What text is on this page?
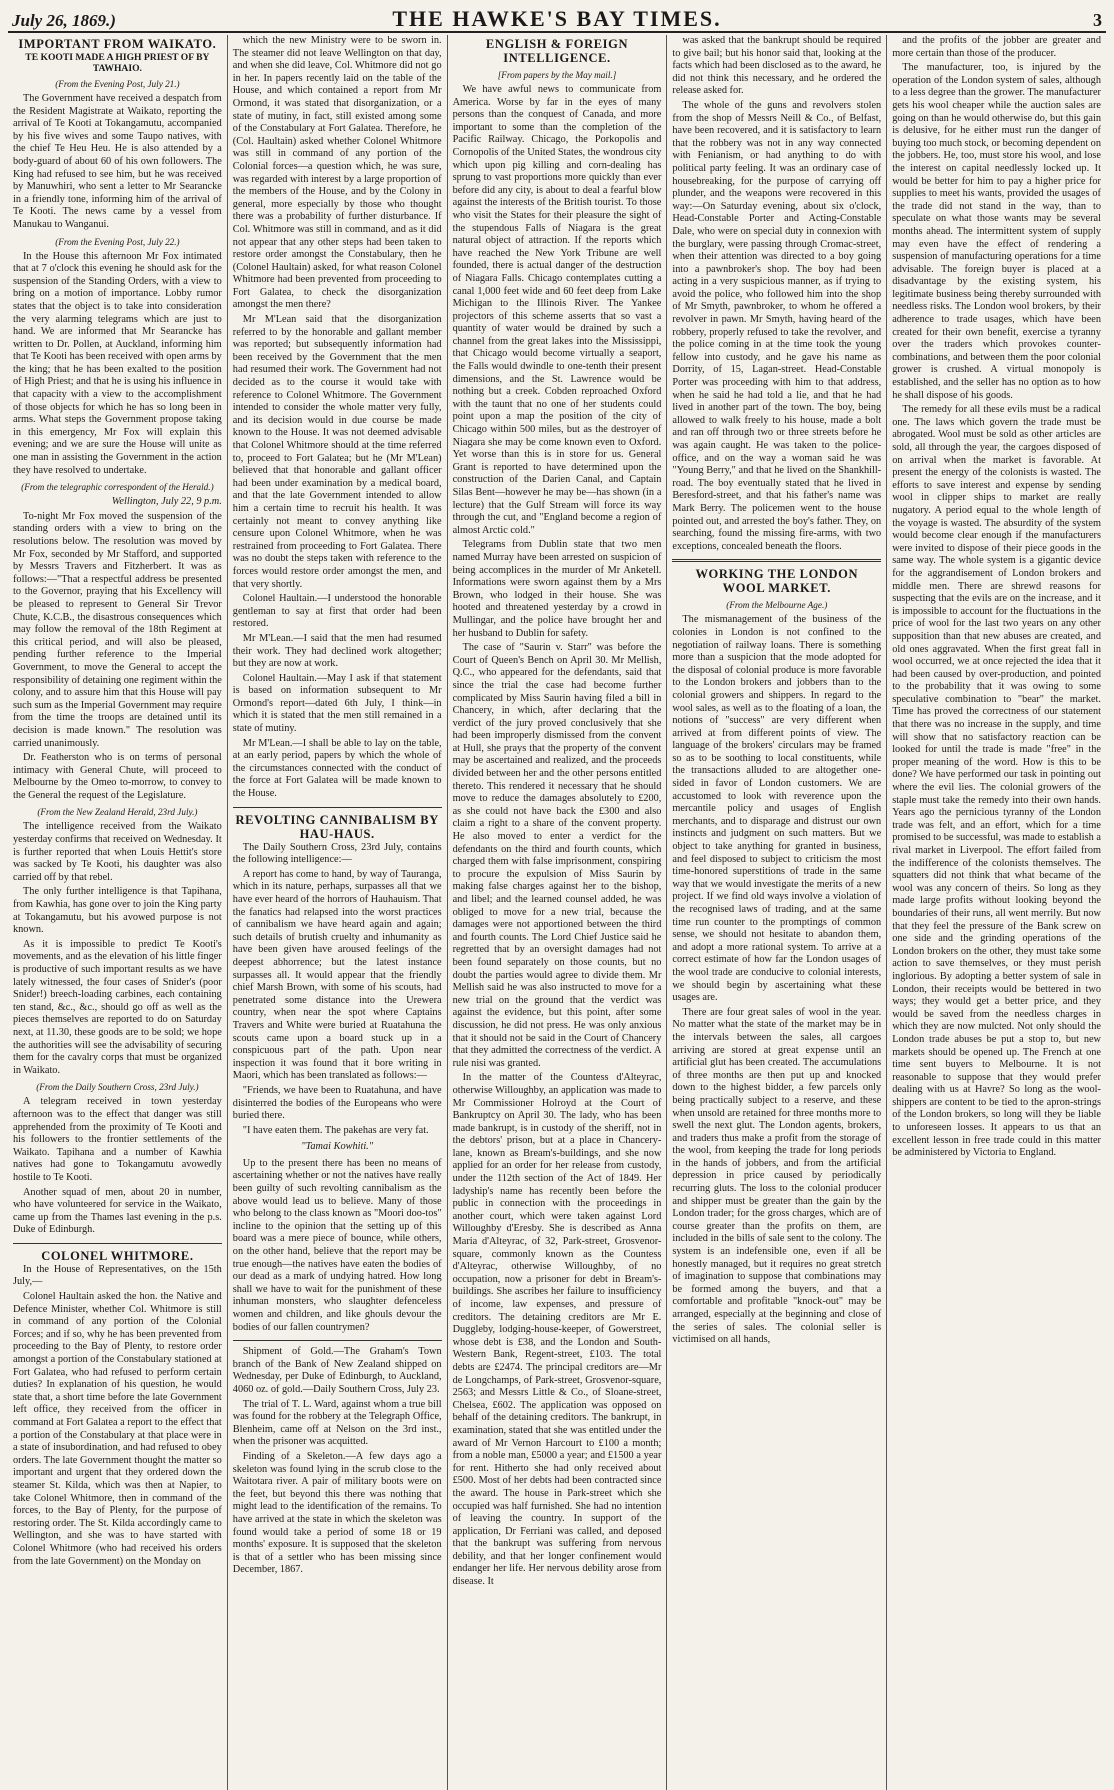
July 26, 1869.)	THE HAWKE'S BAY TIMES.	3
IMPORTANT FROM WAIKATO.
TE KOOTI MADE A HIGH PRIEST OF BY TAWHAIO.
(From the Evening Post, July 21.)

The Government have received a despatch from the Resident Magistrate at Waikato, reporting the arrival of Te Kooti at Tokangamutu, accompanied by his five wives and some Taupo natives, with the chief Te Heu Heu. He is also attended by a body-guard of about 60 of his own followers. The King had refused to see him, but he was received by Manuwhiri, who sent a letter to Mr Searancke in a friendly tone, informing him of the arrival of Te Kooti. The news came by a vessel from Manukau to Wanganui.

(From the Evening Post, July 22.)

In the House this afternoon Mr Fox intimated that at 7 o'clock this evening he should ask for the suspension of the Standing Orders, with a view to bring on a motion of importance. Lobby rumor states that the object is to take into consideration the very alarming telegrams which are just to hand. We are informed that Mr Searancke has written to Dr. Pollen, at Auckland, informing him that Te Kooti has been received with open arms by the king; that he has been exalted to the position of High Priest; and that he is using his influence in that capacity with a view to the accomplishment of those objects for which he has so long been in arms. What steps the Government propose taking in this emergency, Mr Fox will explain this evening; and we are sure the House will unite as one man in assisting the Government in the action they have resolved to undertake.

(From the telegraphic correspondent of the Herald.)
Wellington, July 22, 9 p.m.

To-night Mr Fox moved the suspension of the standing orders with a view to bring on the resolutions below. The resolution was moved by Mr Fox, seconded by Mr Stafford, and supported by Messrs Travers and Fitzherbert. It was as follows:—"That a respectful address be presented to the Governor, praying that his Excellency will be pleased to represent to General Sir Trevor Chute, K.C.B., the disastrous consequences which may follow the removal of the 18th Regiment at this critical period, and will also be pleased, pending further reference to the Imperial Government, to move the General to accept the responsibility of detaining one regiment within the colony, and to assure him that this House will pay such sum as the Imperial Government may require from the time the troops are detained until its decision is made known." The resolution was carried unanimously.

Dr. Featherston who is on terms of personal intimacy with General Chute, will proceed to Melbourne by the Omeo to-morrow, to convey to the General the request of the Legislature.

(From the New Zealand Herald, 23rd July.)

The intelligence received from the Waikato yesterday confirms that received on Wednesday. It is further reported that when Louis Hettit's store was sacked by Te Kooti, his daughter was also carried off by that rebel.

The only further intelligence is that Tapihana, from Kawhia, has gone over to join the King party at Tokangamutu, but his avowed purpose is not known.

As it is impossible to predict Te Kooti's movements, and as the elevation of his little finger is productive of such important results as we have lately witnessed, the four cases of Snider's (poor Snider!) breech-loading carbines, each containing ten stand, &c., &c., should go off as well as the pieces themselves are reported to do on Saturday next, at 11.30, these goods are to be sold; we hope the authorities will see the advisability of securing them for the cavalry corps that must be organized in Waikato.

(From the Daily Southern Cross, 23rd July.)

A telegram received in town yesterday afternoon was to the effect that danger was still apprehended from the proximity of Te Kooti and his followers to the frontier settlements of the Waikato. Tapihana and a number of Kawhia natives had gone to Tokangamutu avowedly hostile to Te Kooti.

Another squad of men, about 20 in number, who have volunteered for service in the Waikato, came up from the Thames last evening in the p.s. Duke of Edinburgh.

COLONEL WHITMORE.

In the House of Representatives, on the 15th July,—

Colonel Haultain asked the hon. the Native and Defence Minister, whether Col. Whitmore is still in command of any portion of the Colonial Forces; and if so, why he has been prevented from proceeding to the Bay of Plenty, to restore order amongst a portion of the Constabulary stationed at Fort Galatea, who had refused to perform certain duties? In explanation of his question, he would state that, a short time before the late Government left office, they received from the officer in command at Fort Galatea a report to the effect that a portion of the Constabulary at that place were in a state of insubordination, and had refused to obey orders. The late Government thought the matter so important and urgent that they ordered down the steamer St. Kilda, which was then at Napier, to take Colonel Whitmore, then in command of the forces, to the Bay of Plenty, for the purpose of restoring order. The St. Kilda accordingly came to Wellington, and she was to have started with Colonel Whitmore (who had received his orders from the late Government) on the Monday on

which the new Ministry were to be sworn in. The steamer did not leave Wellington on that day, and when she did leave, Col. Whitmore did not go in her. In papers recently laid on the table of the House, and which contained a report from Mr Ormond, it was stated that disorganization, or a state of mutiny, in fact, still existed among some of the Constabulary at Fort Galatea. Therefore, he (Col. Haultain) asked whether Colonel Whitmore was still in command of any portion of the Colonial forces—a question which, he was sure, was regarded with interest by a large proportion of the members of the House, and by the Colony in general, more especially by those who thought there was a probability of further disturbance. If Col. Whitmore was still in command, and as it did not appear that any other steps had been taken to restore order amongst the Constabulary, then he (Colonel Haultain) asked, for what reason Colonel Whitmore had been prevented from proceeding to Fort Galatea, to check the disorganization amongst the men there?

Mr M'Lean said that the disorganization referred to by the honorable and gallant member was reported; but subsequently information had been received by the Government that the men had resumed their work. The Government had not decided as to the course it would take with reference to Colonel Whitmore. The Government intended to consider the whole matter very fully, and its decision would in due course be made known to the House. It was not deemed advisable that Colonel Whitmore should at the time referred to, proceed to Fort Galatea; but he (Mr M'Lean) believed that that honorable and gallant officer had been under examination by a medical board, and that the late Government intended to allow him a certain time to recruit his health. It was certainly not meant to convey anything like censure upon Colonel Whitmore, when he was restrained from proceeding to Fort Galatea. There was no doubt the steps taken with reference to the forces would restore order amongst the men, and that very shortly.

Colonel Haultain.—I understood the honorable gentleman to say at first that order had been restored.

Mr M'Lean.—I said that the men had resumed their work. They had declined work altogether; but they are now at work.

Colonel Haultain.—May I ask if that statement is based on information subsequent to Mr Ormond's report—dated 6th July, I think—in which it is stated that the men still remained in a state of mutiny.

Mr M'Lean.—I shall be able to lay on the table, at an early period, papers by which the whole of the circumstances connected with the conduct of the force at Fort Galatea will be made known to the House.

REVOLTING CANNIBALISM BY HAU-HAUS.

The Daily Southern Cross, 23rd July, contains the following intelligence:—

A report has come to hand, by way of Tauranga, which in its nature, perhaps, surpasses all that we have ever heard of the horrors of Hauhauism. That the fanatics had relapsed into the worst practices of cannibalism we have heard again and again; such details of brutish cruelty and inhumanity as have been given have aroused feelings of the deepest abhorrence; but the latest instance surpasses all. It would appear that the friendly chief Marsh Brown, with some of his scouts, had penetrated some distance into the Urewera country, when near the spot where Captains Travers and White were buried at Ruatahuna the scouts came upon a board stuck up in a conspicuous part of the path. Upon near inspection it was found that it bore writing in Maori, which has been translated as follows:—

"Friends, we have been to Ruatahuna, and have disinterred the bodies of the Europeans who were buried there.

"I have eaten them. The pakehas are very fat.

"Tamai Kowhiti."

Up to the present there has been no means of ascertaining whether or not the natives have really been guilty of such revolting cannibalism as the above would lead us to believe. Many of those who belong to the class known as "Moori doo-tos" incline to the opinion that the setting up of this board was a mere piece of bounce, while others, on the other hand, believe that the report may be true enough—the natives have eaten the bodies of our dead as a mark of undying hatred. How long shall we have to wait for the punishment of these inhuman monsters, who slaughter defenceless women and children, and like ghouls devour the bodies of our fallen countrymen?

Shipment of Gold.—The Graham's Town branch of the Bank of New Zealand shipped on Wednesday, per Duke of Edinburgh, to Auckland, 4060 oz. of gold.—Daily Southern Cross, July 23.

The trial of T. L. Ward, against whom a true bill was found for the robbery at the Telegraph Office, Blenheim, came off at Nelson on the 3rd inst., when the prisoner was acquitted.

Finding of a Skeleton.—A few days ago a skeleton was found lying in the scrub close to the Waitotara river. A pair of military boots were on the feet, but beyond this there was nothing that might lead to the identification of the remains. To have arrived at the state in which the skeleton was found would take a period of some 18 or 19 months' exposure. It is supposed that the skeleton is that of a settler who has been missing since December, 1867.

ENGLISH & FOREIGN INTELLIGENCE.
[From papers by the May mail.]

We have awful news to communicate from America. Worse by far in the eyes of many persons than the conquest of Canada, and more important to some than the completion of the Pacific Railway. Chicago, the Porkopolis and Cornopolis of the United States, the wondrous city which upon pig killing and corn-dealing has sprung to vast proportions more quickly than ever before did any city, is about to deal a fearful blow against the interests of the British tourist. To those who visit the States for their pleasure the sight of the stupendous Falls of Niagara is the great natural object of attraction. If the reports which have reached the New York Tribune are well founded, there is actual danger of the destruction of Niagara Falls. Chicago contemplates cutting a canal 1,000 feet wide and 60 feet deep from Lake Michigan to the Illinois River. The Yankee projectors of this scheme asserts that so vast a quantity of water would be drained by such a channel from the great lakes into the Mississippi, that Chicago would become virtually a seaport, the Falls would dwindle to one-tenth their present dimensions, and the St. Lawrence would be nothing but a creek. Cobden reproached Oxford with the taunt that no one of her students could point upon a map the position of the city of Chicago within 500 miles, but as the destroyer of Niagara she may be come known even to Oxford. Yet worse than this is in store for us. General Grant is reported to have determined upon the construction of the Darien Canal, and Captain Silas Bent—however he may be—has shown (in a lecture) that the Gulf Stream will force its way through the cut, and "England become a region of almost Arctic cold."

Telegrams from Dublin state that two men named Murray have been arrested on suspicion of being accomplices in the murder of Mr Anketell. Informations were sworn against them by a Mrs Brown, who lodged in their house. She was hooted and threatened yesterday by a crowd in Mullingar, and the police have brought her and her husband to Dublin for safety.

The case of "Saurin v. Starr" was before the Court of Queen's Bench on April 30. Mr Mellish, Q.C., who appeared for the defendants, said that since the trial the case had become further complicated by Miss Saurin having filed a bill in Chancery, in which, after declaring that the verdict of the jury proved conclusively that she had been improperly dismissed from the convent at Hull, she prays that the property of the convent may be ascertained and realized, and the proceeds divided between her and the other persons entitled thereto. This rendered it necessary that he should move to reduce the damages absolutely to £200, as she could not have back the £300 and also claim a right to a share of the convent property. He also moved to enter a verdict for the defendants on the third and fourth counts, which charged them with false imprisonment, conspiring to procure the expulsion of Miss Saurin by making false charges against her to the bishop, and libel; and the learned counsel added, he was obliged to move for a new trial, because the damages were not apportioned between the third and fourth counts. The Lord Chief Justice said he regretted that by an oversight damages had not been found separately on those counts, but no doubt the parties would agree to divide them. Mr Mellish said he was also instructed to move for a new trial on the ground that the verdict was against the evidence, but this point, after some discussion, he did not press. He was only anxious that it should not be said in the Court of Chancery that they admitted the correctness of the verdict. A rule nisi was granted.

In the matter of the Countess d'Alteyrac, otherwise Willoughby, an application was made to Mr Commissioner Holroyd at the Court of Bankruptcy on April 30. The lady, who has been made bankrupt, is in custody of the sheriff, not in the debtors' prison, but at a place in Chancery-lane, known as Bream's-buildings, and she now applied for an order for her release from custody, under the 112th section of the Act of 1849. Her ladyship's name has recently been before the public in connection with the proceedings in another court, which were taken against Lord Willoughby d'Eresby. She is described as Anna Maria d'Alteyrac, of 32, Park-street, Grosvenor-square, commonly known as the Countess d'Alteyrac, otherwise Willoughby, of no occupation, now a prisoner for debt in Bream's-buildings. She ascribes her failure to insufficiency of income, law expenses, and pressure of creditors. The detaining creditors are Mr E. Duggleby, lodging-house-keeper, of Gowerstreet, whose debt is £38, and the London and South-Western Bank, Regent-street, £103. The total debts are £2474. The principal creditors are—Mr de Longchamps, of Park-street, Grosvenor-square, 2563; and Messrs Little & Co., of Sloane-street, Chelsea, £602. The application was opposed on behalf of the detaining creditors. The bankrupt, in examination, stated that she was entitled under the award of Mr Vernon Harcourt to £100 a month; from a noble man, £5000 a year; and £1500 a year for rent. Hitherto she had only received about £500. Most of her debts had been contracted since the award. The house in Park-street which she occupied was half furnished. She had no intention of leaving the country. In support of the application, Dr Ferriani was called, and deposed that the bankrupt was suffering from nervous debility, and that her longer confinement would endanger her life. Her nervous debility arose from disease. It

was asked that the bankrupt should be required to give bail; but his honor said that, looking at the facts which had been disclosed as to the award, he did not think this necessary, and he ordered the release asked for.

The whole of the guns and revolvers stolen from the shop of Messrs Neill & Co., of Belfast, have been recovered, and it is satisfactory to learn that the robbery was not in any way connected with Fenianism, or had anything to do with political party feeling. It was an ordinary case of housebreaking, for the purpose of carrying off plunder, and the weapons were recovered in this way:—On Saturday evening, about six o'clock, Head-Constable Porter and Acting-Constable Dale, who were on special duty in connexion with the burglary, were passing through Cromac-street, when their attention was directed to a boy going into a pawnbroker's shop. The boy had been acting in a very suspicious manner, as if trying to avoid the police, who followed him into the shop of Mr Smyth, pawnbroker, to whom he offered a revolver in pawn. Mr Smyth, having heard of the robbery, properly refused to take the revolver, and the police coming in at the time took the young fellow into custody, and he gave his name as Dorrity, of 15, Lagan-street. Head-Constable Porter was proceeding with him to that address, when he said he had told a lie, and that he had lived in another part of the town. The boy, being allowed to walk freely to his house, made a bolt and ran off through two or three streets before he was again caught. He was taken to the police-office, and on the way a woman said he was "Young Berry," and that he lived on the Shankhill-road. The boy eventually stated that he lived in Beresford-street, and that his father's name was Mark Berry. The policemen went to the house pointed out, and arrested the boy's father. They, on searching, found the missing fire-arms, with two exceptions, concealed beneath the floors.

WORKING THE LONDON WOOL MARKET.
(From the Melbourne Age.)

The mismanagement of the business of the colonies in London is not confined to the negotiation of railway loans. There is something more than a suspicion that the mode adopted for the disposal of colonial produce is more favorable to the London brokers and jobbers than to the colonial growers and shippers. In regard to the wool sales, as well as to the floating of a loan, the notions of "success" are very different when arrived at from different points of view. The language of the brokers' circulars may be framed so as to be soothing to local constituents, while the transactions alluded to are altogether one-sided in favor of London customers. We are accustomed to look with reverence upon the mercantile policy and usages of English merchants, and to disparage and distrust our own instincts and judgment on such matters. But we object to take anything for granted in business, and feel disposed to subject to criticism the most time-honored superstitions of trade in the same way that we would investigate the merits of a new project. If we find old ways involve a violation of the recognised laws of trading, and at the same time run counter to the promptings of common sense, we should not hesitate to abandon them, and adopt a more rational system. To arrive at a correct estimate of how far the London usages of the wool trade are conducive to colonial interests, we should begin by ascertaining what these usages are.

There are four great sales of wool in the year. No matter what the state of the market may be in the intervals between the sales, all cargoes arriving are stored at great expense until an artificial glut has been created. The accumulations of three months are then put up and knocked down to the highest bidder, a few parcels only being practically subject to a reserve, and these when unsold are retained for three months more to swell the next glut. The London agents, brokers, and traders thus make a profit from the storage of the wool, from keeping the trade for long periods in the hands of jobbers, and from the artificial depression in price caused by periodically recurring gluts. The loss to the colonial producer and shipper must be greater than the gain by the London trader; for the gross charges, which are of course greater than the profits on them, are included in the bills of sale sent to the colony. The system is an indefensible one, even if all be honestly managed, but it requires no great stretch of imagination to suppose that combinations may be formed among the buyers, and that a comfortable and profitable "knock-out" may be arranged, especially at the beginning and close of the series of sales. The colonial seller is victimised on all hands,

and the profits of the jobber are greater and more certain than those of the producer.

The manufacturer, too, is injured by the operation of the London system of sales, although to a less degree than the grower. The manufacturer gets his wool cheaper while the auction sales are going on than he would otherwise do, but this gain is delusive, for he either must run the danger of buying too much stock, or becoming dependent on the jobbers. He, too, must store his wool, and lose the interest on capital needlessly locked up. It would be better for him to pay a higher price for supplies to meet his wants, provided the usages of the trade did not stand in the way, than to speculate on what those wants may be several months ahead. The intermittent system of supply may even have the effect of rendering a suspension of manufacturing operations for a time advisable. The foreign buyer is placed at a disadvantage by the existing system, his legitimate business being thereby surrounded with needless risks. The London wool brokers, by their adherence to trade usages, which have been created for their own benefit, exercise a tyranny over the traders which provokes counter-combinations, and between them the poor colonial grower is crushed. A virtual monopoly is established, and the seller has no option as to how he shall dispose of his goods.

The remedy for all these evils must be a radical one. The laws which govern the trade must be abrogated. Wool must be sold as other articles are sold, all through the year, the cargoes disposed of on arrival when the market is favorable. At present the energy of the colonists is wasted. The efforts to save interest and expense by sending wool in clipper ships to market are really nugatory. A period equal to the whole length of the voyage is wasted. The absurdity of the system would become clear enough if the manufacturers were invited to dispose of their piece goods in the same way. The whole system is a gigantic device for the aggrandisement of London brokers and middle men. There are shrewd reasons for suspecting that the evils are on the increase, and it is impossible to account for the fluctuations in the price of wool for the last two years on any other supposition than that new abuses are created, and old ones aggravated. When the first great fall in wool occurred, we at once rejected the idea that it had been caused by over-production, and pointed to the probability that it was owing to some speculative combination to "bear" the market. Time has proved the correctness of our statement that there was no increase in the supply, and time will show that no satisfactory reaction can be looked for until the trade is made "free" in the proper meaning of the word. How is this to be done? We have performed our task in pointing out where the evil lies. The colonial growers of the staple must take the remedy into their own hands. Years ago the pernicious tyranny of the London trade was felt, and an effort, which for a time promised to be successful, was made to establish a rival market in Liverpool. The effort failed from the indifference of the colonists themselves. The squatters did not think that what became of the wool was any concern of theirs. So long as they made large profits without looking beyond the boundaries of their runs, all went merrily. But now that they feel the pressure of the Bank screw on one side and the grinding operations of the London brokers on the other, they must take some action to save themselves, or they must perish inglorious. By adopting a better system of sale in London, their receipts would be bettered in two ways; they would get a better price, and they would be saved from the needless charges in which they are now mulcted. Not only should the London trade abuses be put a stop to, but new markets should be opened up. The French at one time sent buyers to Melbourne. It is not reasonable to suppose that they would prefer dealing with us at Havre? So long as the wool-shippers are content to be tied to the apron-strings of the London brokers, so long will they be liable to unforeseen losses. It appears to us that an excellent lesson in free trade could in this matter be administered by Victoria to England.
